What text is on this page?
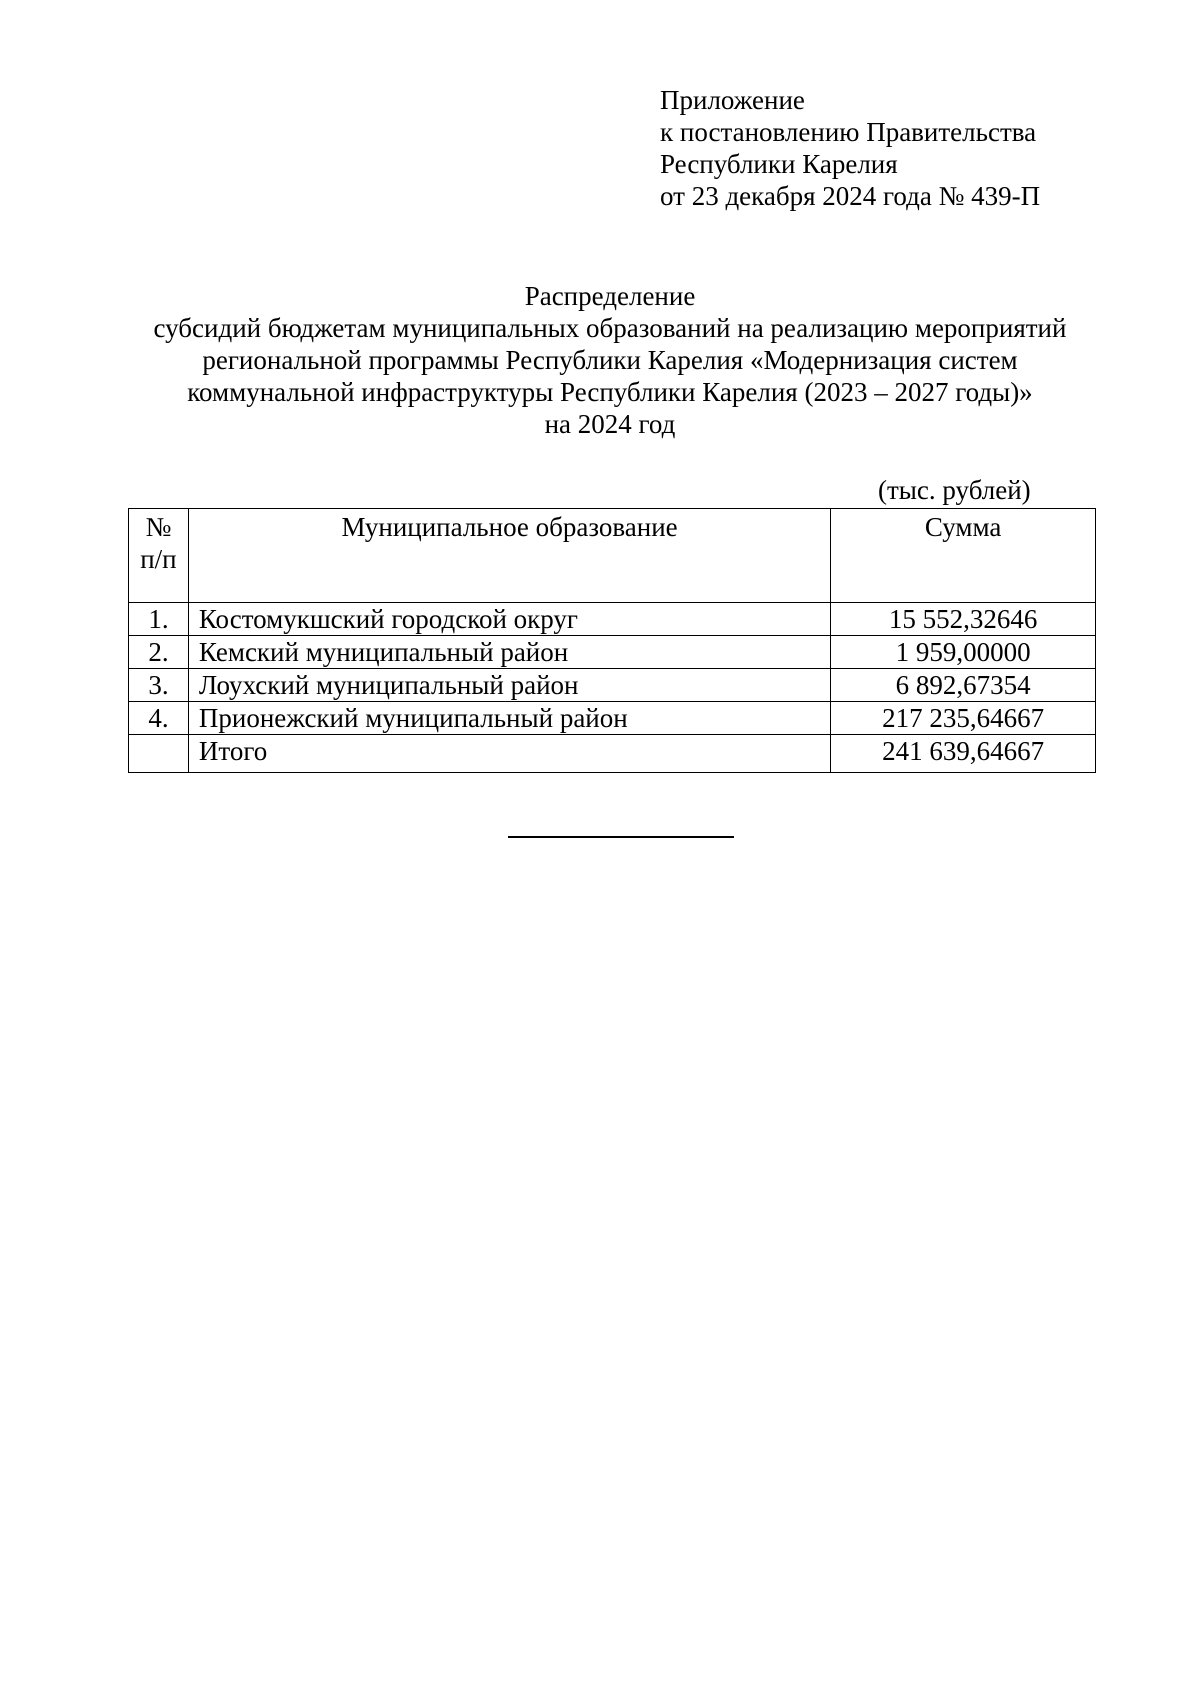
Приложение
к постановлению Правительства
Республики Карелия
от 23 декабря 2024 года № 439-П
Распределение
субсидий бюджетам муниципальных образований на реализацию мероприятий
региональной программы Республики Карелия «Модернизация систем
коммунальной инфраструктуры Республики Карелия (2023 – 2027 годы)»
на 2024 год
(тыс. рублей)
№
п/п	Муниципальное образование	Сумма
1.	Костомукшский городской округ	15 552,32646
2.	Кемский муниципальный район	1 959,00000
3.	Лоухский муниципальный район	6 892,67354
4.	Прионежский муниципальный район	217 235,64667
	Итого	241 639,64667
